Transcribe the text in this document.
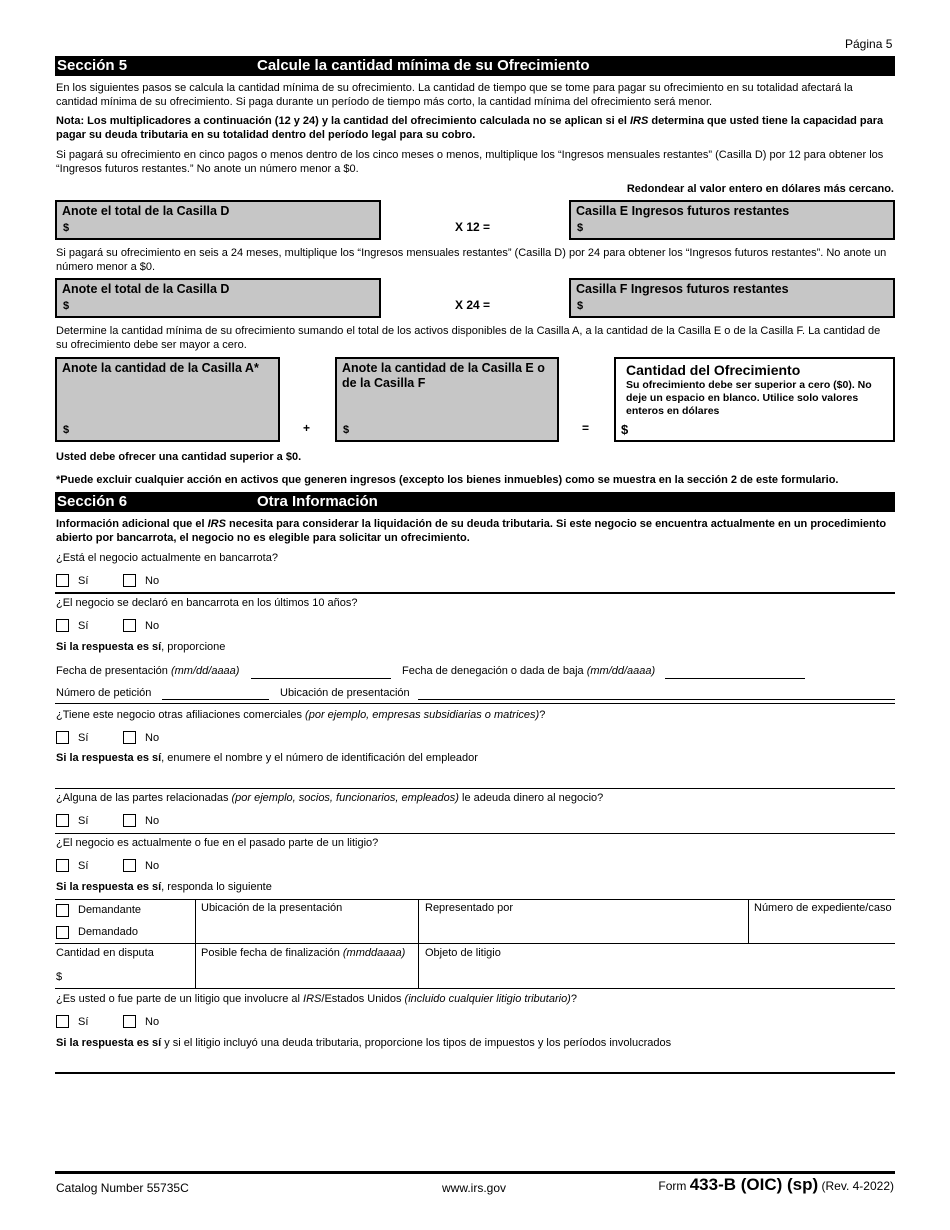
Página 5
Sección 5	Calcule la cantidad mínima de su Ofrecimiento
En los siguientes pasos se calcula la cantidad mínima de su ofrecimiento. La cantidad de tiempo que se tome para pagar su ofrecimiento en su totalidad afectará la cantidad mínima de su ofrecimiento. Si paga durante un período de tiempo más corto, la cantidad mínima del ofrecimiento será menor.
Nota: Los multiplicadores a continuación (12 y 24) y la cantidad del ofrecimiento calculada no se aplican si el IRS determina que usted tiene la capacidad para pagar su deuda tributaria en su totalidad dentro del período legal para su cobro.
Si pagará su ofrecimiento en cinco pagos o menos dentro de los cinco meses o menos, multiplique los “Ingresos mensuales restantes” (Casilla D) por 12 para obtener los “Ingresos futuros restantes.” No anote un número menor a $0.
Redondear al valor entero en dólares más cercano.
Anote el total de la Casilla D
$	X 12 =
Casilla E Ingresos futuros restantes
$
Si pagará su ofrecimiento en seis a 24 meses, multiplique los “Ingresos mensuales restantes” (Casilla D) por 24 para obtener los “Ingresos futuros restantes”. No anote un número menor a $0.
Anote el total de la Casilla D
$	X 24 =
Casilla F Ingresos futuros restantes
$
Determine la cantidad mínima de su ofrecimiento sumando el total de los activos disponibles de la Casilla A, a la cantidad de la Casilla E o de la Casilla F. La cantidad de su ofrecimiento debe ser mayor a cero.
Anote la cantidad de la Casilla A*
$	+
Anote la cantidad de la Casilla E o de la Casilla F
$	=
Cantidad del Ofrecimiento
Su ofrecimiento debe ser superior a cero ($0). No deje un espacio en blanco. Utilice solo valores enteros en dólares
$
Usted debe ofrecer una cantidad superior a $0.
*Puede excluir cualquier acción en activos que generen ingresos (excepto los bienes inmuebles) como se muestra en la sección 2 de este formulario.
Sección 6	Otra Información
Información adicional que el IRS necesita para considerar la liquidación de su deuda tributaria. Si este negocio se encuentra actualmente en un procedimiento abierto por bancarrota, el negocio no es elegible para solicitar un ofrecimiento.
¿Está el negocio actualmente en bancarrota?
Sí	No
¿El negocio se declaró en bancarrota en los últimos 10 años?
Sí	No
Si la respuesta es sí, proporcione
Fecha de presentación (mm/dd/aaaa)	Fecha de denegación o dada de baja (mm/dd/aaaa)
Número de petición	Ubicación de presentación
¿Tiene este negocio otras afiliaciones comerciales (por ejemplo, empresas subsidiarias o matrices)?
Sí	No
Si la respuesta es sí, enumere el nombre y el número de identificación del empleador
¿Alguna de las partes relacionadas (por ejemplo, socios, funcionarios, empleados) le adeuda dinero al negocio?
Sí	No
¿El negocio es actualmente o fue en el pasado parte de un litigio?
Sí	No
Si la respuesta es sí, responda lo siguiente
Demandante
Demandado
Ubicación de la presentación	Representado por	Número de expediente/caso
Cantidad en disputa
$
Posible fecha de finalización (mmddaaaa) Objeto de litigio
¿Es usted o fue parte de un litigio que involucre al IRS/Estados Unidos (incluido cualquier litigio tributario)?
Sí	No
Si la respuesta es sí y si el litigio incluyó una deuda tributaria, proporcione los tipos de impuestos y los períodos involucrados
Catalog Number 55735C	www.irs.gov	Form 433-B (OIC) (sp) (Rev. 4-2022)
